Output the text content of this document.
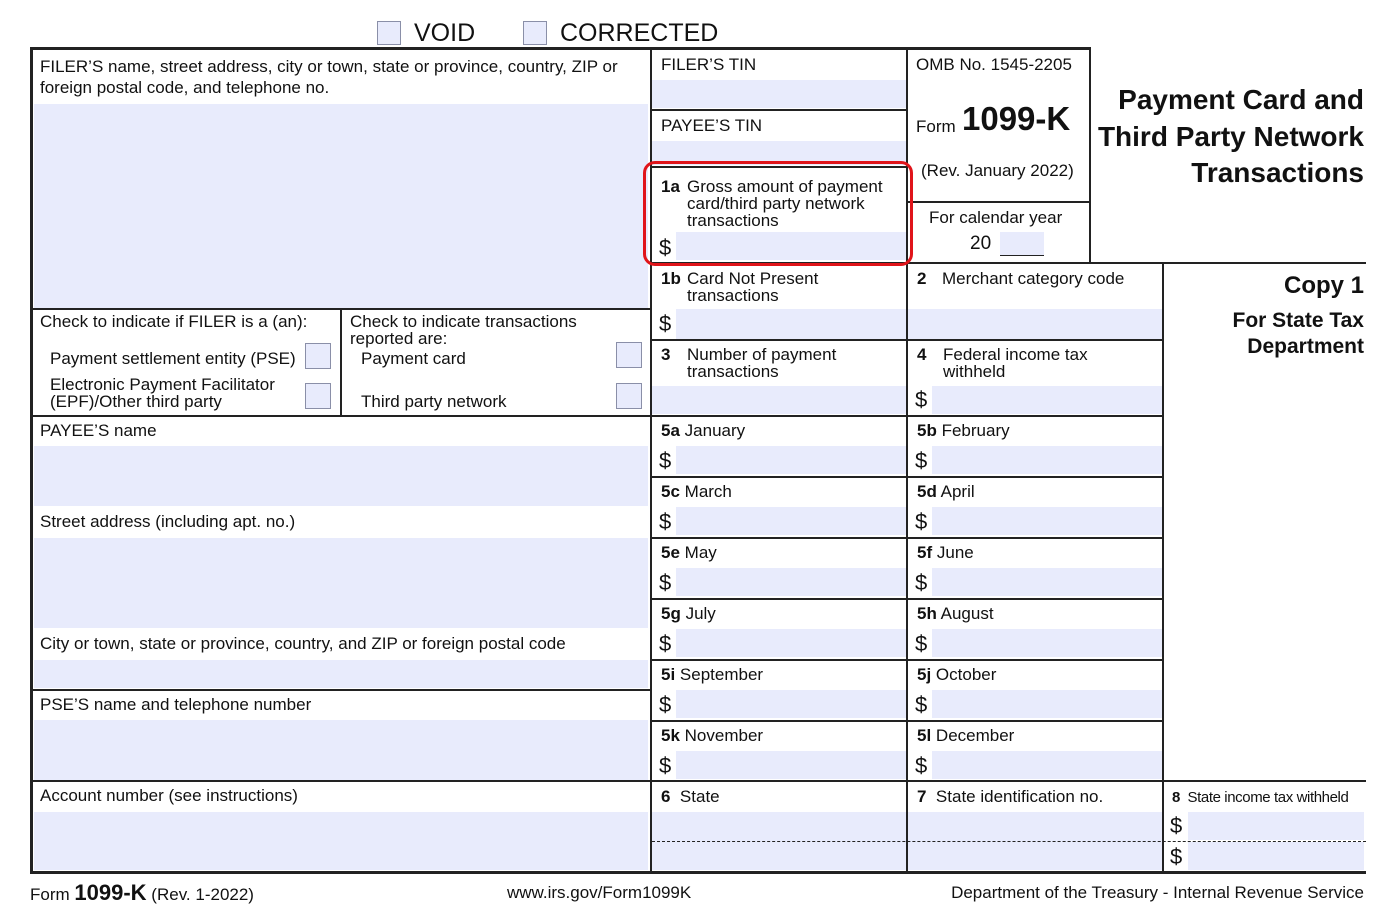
VOID	CORRECTED
FILER’S name, street address, city or town, state or province, country, ZIP or foreign postal code, and telephone no.
Check to indicate if FILER is a (an):
Payment settlement entity (PSE)
Electronic Payment Facilitator (EPF)/Other third party
Check to indicate transactions reported are:
Payment card
Third party network
PAYEE’S name
Street address (including apt. no.)
City or town, state or province, country, and ZIP or foreign postal code
PSE’S name and telephone number
Account number (see instructions)
FILER’S TIN
PAYEE’S TIN
1a Gross amount of payment card/third party network transactions
$
OMB No. 1545-2205
Form 1099-K
(Rev. January 2022)
For calendar year
20
Payment Card and Third Party Network Transactions
Copy 1
For State Tax Department
1b Card Not Present transactions
$
2 Merchant category code
3 Number of payment transactions
4 Federal income tax withheld
$
5a January
$
5b February
$
5c March
$
5d April
$
5e May
$
5f June
$
5g July
$
5h August
$
5i September
$
5j October
$
5k November
$
5l December
$
6 State	7 State identification no.	8 State income tax withheld
$
$
Form 1099-K (Rev. 1-2022)	www.irs.gov/Form1099K	Department of the Treasury - Internal Revenue Service
